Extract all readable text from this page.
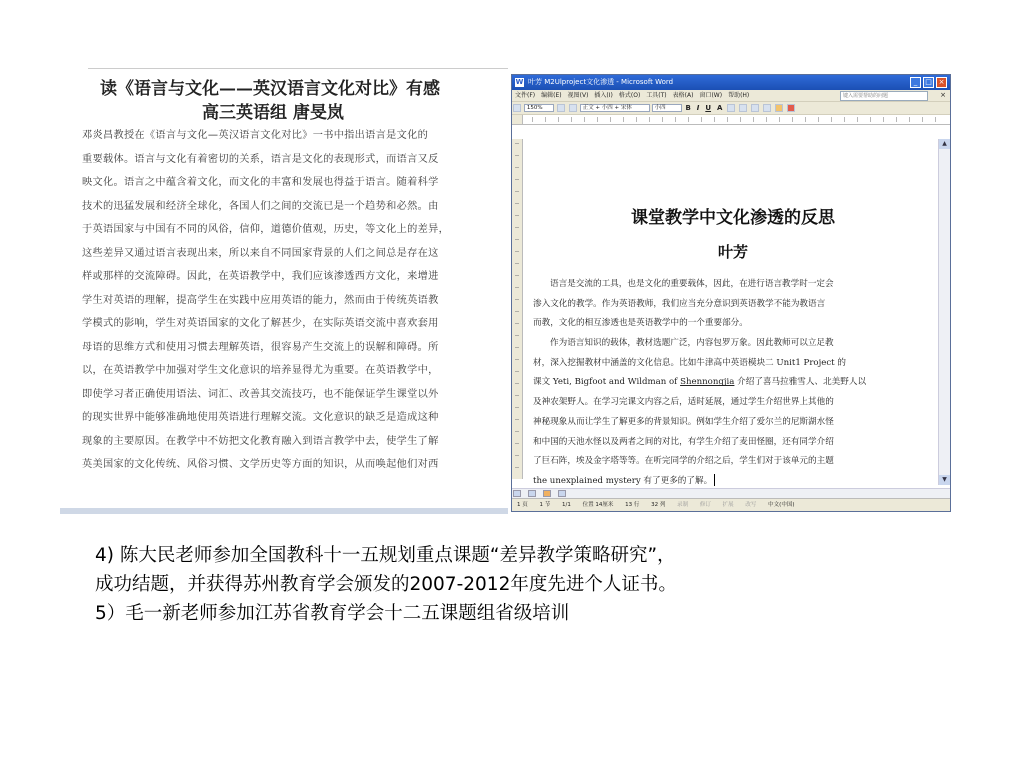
读《语言与文化——英汉语言文化对比》有感
高三英语组 唐旻岚
邓炎昌教授在《语言与文化—英汉语言文化对比》一书中指出语言是文化的
重要载体。语言与文化有着密切的关系，语言是文化的表现形式，而语言又反
映文化。语言之中蕴含着文化，而文化的丰富和发展也得益于语言。随着科学
技术的迅猛发展和经济全球化，各国人们之间的交流已是一个趋势和必然。由
于英语国家与中国有不同的风俗，信仰，道德价值观，历史，等文化上的差异，
这些差异又通过语言表现出来，所以来自不同国家背景的人们之间总是存在这
样或那样的交流障碍。因此，在英语教学中，我们应该渗透西方文化，来增进
学生对英语的理解，提高学生在实践中应用英语的能力，然而由于传统英语教
学模式的影响，学生对英语国家的文化了解甚少，在实际英语交流中喜欢套用
母语的思维方式和使用习惯去理解英语，很容易产生交流上的误解和障碍。所
以，在英语教学中加强对学生文化意识的培养显得尤为重要。在英语教学中，
即使学习者正确使用语法、词汇、改善其交流技巧，也不能保证学生课堂以外
的现实世界中能够准确地使用英语进行理解交流。文化意识的缺乏是造成这种
现象的主要原因。在教学中不妨把文化教育融入到语言教学中去，使学生了解
英美国家的文化传统、风俗习惯、文学历史等方面的知识，从而唤起他们对西
W 叶芳 M2Ulproject文化渗透 - Microsoft Word	_	□ ×
文件(F) 编辑(E) 视图(V) 插入(I) 格式(O) 工具(T) 表格(A) 窗口(W) 帮助(H)	键入需要帮助的问题	×
150%	正文 + 小四 + 宋体	小四	B I U A
课堂教学中文化渗透的反思
叶芳
语言是交流的工具，也是文化的重要载体，因此，在进行语言教学时一定会
渗入文化的教学。作为英语教师，我们应当充分意识到英语教学不能为教语言
而教，文化的相互渗透也是英语教学中的一个重要部分。
作为语言知识的载体，教材选题广泛，内容包罗万象。因此教师可以立足教
材，深入挖掘教材中涵盖的文化信息。比如牛津高中英语模块二 Unit1 Project 的
课文 Yeti, Bigfoot and Wildman of Shennongjia 介绍了喜马拉雅雪人、北美野人以
及神农架野人。在学习完课文内容之后，适时延展，通过学生介绍世界上其他的
神秘现象从而让学生了解更多的背景知识。例如学生介绍了爱尔兰的尼斯湖水怪
和中国的天池水怪以及两者之间的对比，有学生介绍了麦田怪圈，还有同学介绍
了巨石阵，埃及金字塔等等。在听完同学的介绍之后，学生们对于该单元的主题
the unexplained mystery 有了更多的了解。
▲
▼

1 页 1 节 1/1 位置 14厘米 13 行 32 列 录制 修订 扩展 改写 中文(中国)
4) 陈大民老师参加全国教科十一五规划重点课题“差异教学策略研究”，
成功结题，并获得苏州教育学会颁发的2007-2012年度先进个人证书。
5）毛一新老师参加江苏省教育学会十二五课题组省级培训
